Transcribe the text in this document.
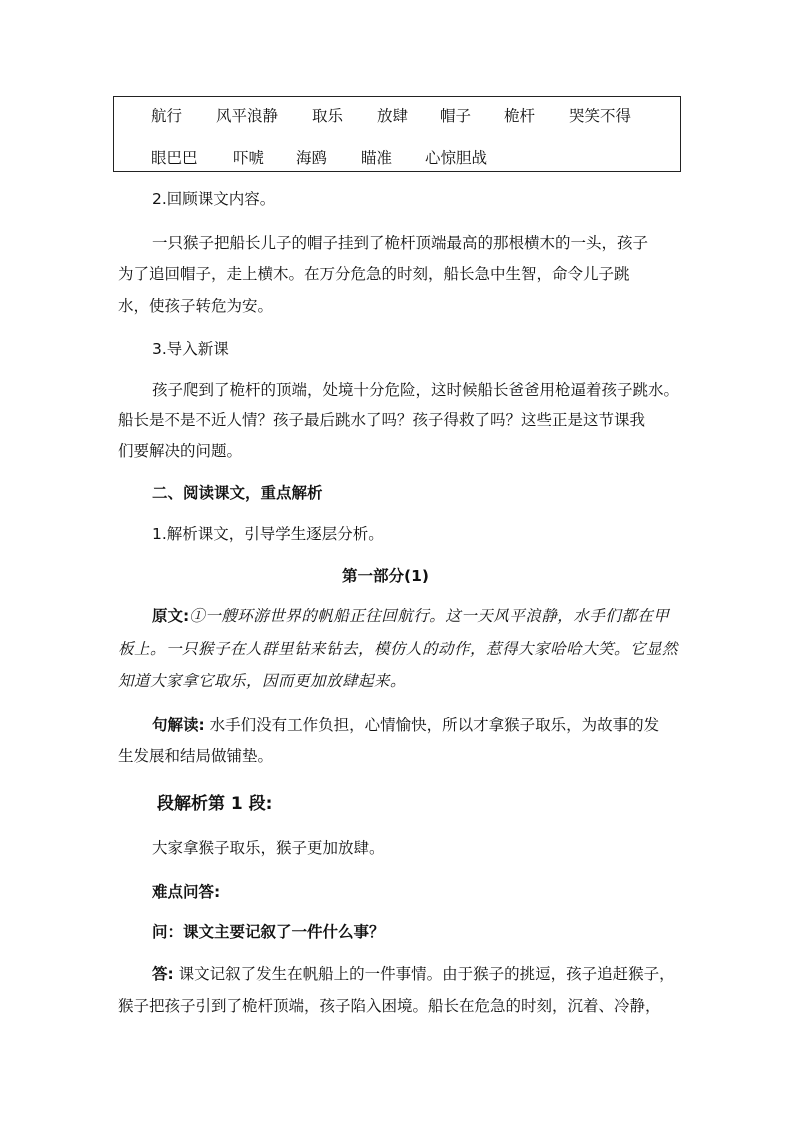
航行 风平浪静 取乐 放肆 帽子 桅杆 哭笑不得
眼巴巴 吓唬 海鸥 瞄准 心惊胆战
2.回顾课文内容。
一只猴子把船长儿子的帽子挂到了桅杆顶端最高的那根横木的一头，孩子
为了追回帽子，走上横木。在万分危急的时刻，船长急中生智，命令儿子跳
水，使孩子转危为安。
3.导入新课
孩子爬到了桅杆的顶端，处境十分危险，这时候船长爸爸用枪逼着孩子跳水。
船长是不是不近人情？孩子最后跳水了吗？孩子得救了吗？这些正是这节课我
们要解决的问题。
二、阅读课文，重点解析
1.解析课文，引导学生逐层分析。
第一部分(1)
原文:①一艘环游世界的帆船正往回航行。这一天风平浪静，水手们都在甲
板上。一只猴子在人群里钻来钻去，模仿人的动作，惹得大家哈哈大笑。它显然
知道大家拿它取乐，因而更加放肆起来。
句解读: 水手们没有工作负担，心情愉快，所以才拿猴子取乐，为故事的发
生发展和结局做铺垫。
段解析第 1 段:
大家拿猴子取乐，猴子更加放肆。
难点问答:
问：课文主要记叙了一件什么事？
答: 课文记叙了发生在帆船上的一件事情。由于猴子的挑逗，孩子追赶猴子，
猴子把孩子引到了桅杆顶端，孩子陷入困境。船长在危急的时刻，沉着、冷静，
